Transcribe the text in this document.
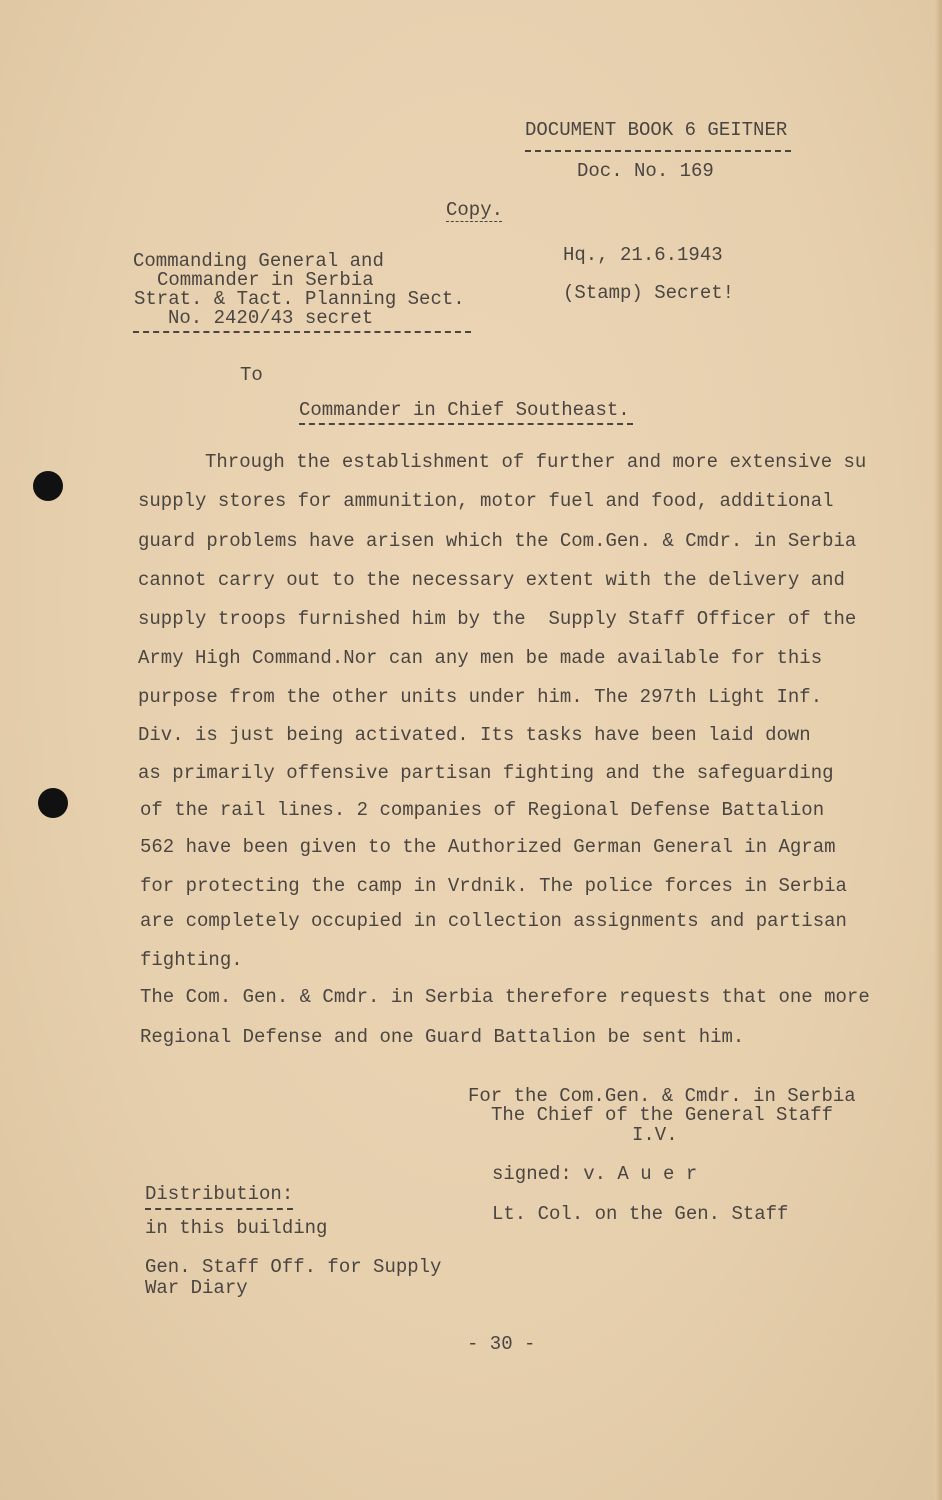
DOCUMENT BOOK 6 GEITNER
Doc. No. 169
Copy.
Commanding General and
Commander in Serbia
Strat. & Tact. Planning Sect.
No. 2420/43 secret
Hq., 21.6.1943
(Stamp) Secret!
To
Commander in Chief Southeast.
Through the establishment of further and more extensive su
supply stores for ammunition, motor fuel and food, additional
guard problems have arisen which the Com.Gen. & Cmdr. in Serbia
cannot carry out to the necessary extent with the delivery and
supply troops furnished him by the  Supply Staff Officer of the
Army High Command.Nor can any men be made available for this
purpose from the other units under him. The 297th Light Inf.
Div. is just being activated. Its tasks have been laid down
as primarily offensive partisan fighting and the safeguarding
of the rail lines. 2 companies of Regional Defense Battalion
562 have been given to the Authorized German General in Agram
for protecting the camp in Vrdnik. The police forces in Serbia
are completely occupied in collection assignments and partisan
fighting.
The Com. Gen. & Cmdr. in Serbia therefore requests that one more
Regional Defense and one Guard Battalion be sent him.
For the Com.Gen. & Cmdr. in Serbia
The Chief of the General Staff
I.V.
signed: v. A u e r
Lt. Col. on the Gen. Staff
Distribution:
in this building
Gen. Staff Off. for Supply
War Diary
- 30 -
